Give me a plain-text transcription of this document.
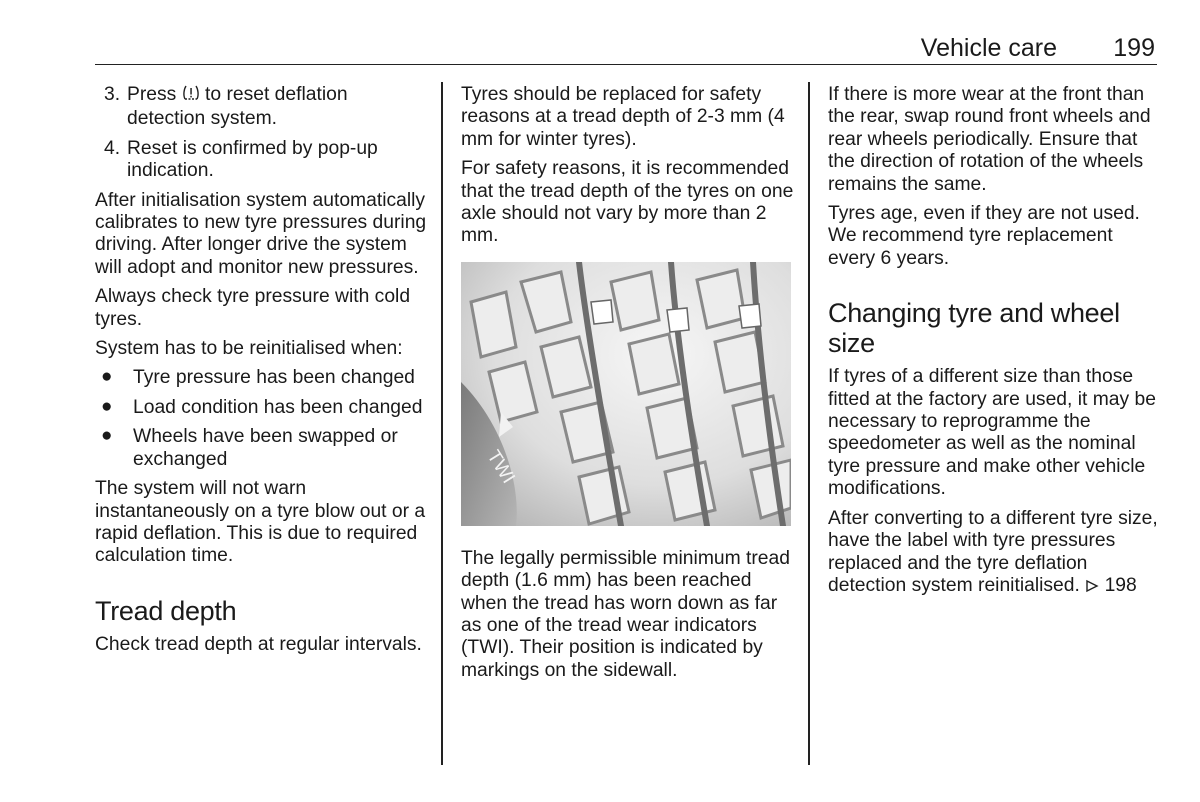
Vehicle care 199
3. Press to reset deflation detection system.
4. Reset is confirmed by pop-up indication.

After initialisation system automatically calibrates to new tyre pressures during driving. After longer drive the system will adopt and monitor new pressures.

Always check tyre pressure with cold tyres.

System has to be reinitialised when:

● Tyre pressure has been changed
● Load condition has been changed
● Wheels have been swapped or exchanged

The system will not warn instantaneously on a tyre blow out or a rapid deflation. This is due to required calculation time.

Tread depth

Check tread depth at regular intervals.

Tyres should be replaced for safety reasons at a tread depth of 2-3 mm (4 mm for winter tyres).

For safety reasons, it is recommended that the tread depth of the tyres on one axle should not vary by more than 2 mm.

TWI

The legally permissible minimum tread depth (1.6 mm) has been reached when the tread has worn down as far as one of the tread wear indicators (TWI). Their position is indicated by markings on the sidewall.

If there is more wear at the front than the rear, swap round front wheels and rear wheels periodically. Ensure that the direction of rotation of the wheels remains the same.

Tyres age, even if they are not used. We recommend tyre replacement every 6 years.

Changing tyre and wheel size

If tyres of a different size than those fitted at the factory are used, it may be necessary to reprogramme the speedometer as well as the nominal tyre pressure and make other vehicle modifications.

After converting to a different tyre size, have the label with tyre pressures replaced and the tyre deflation detection system reinitialised. 198
